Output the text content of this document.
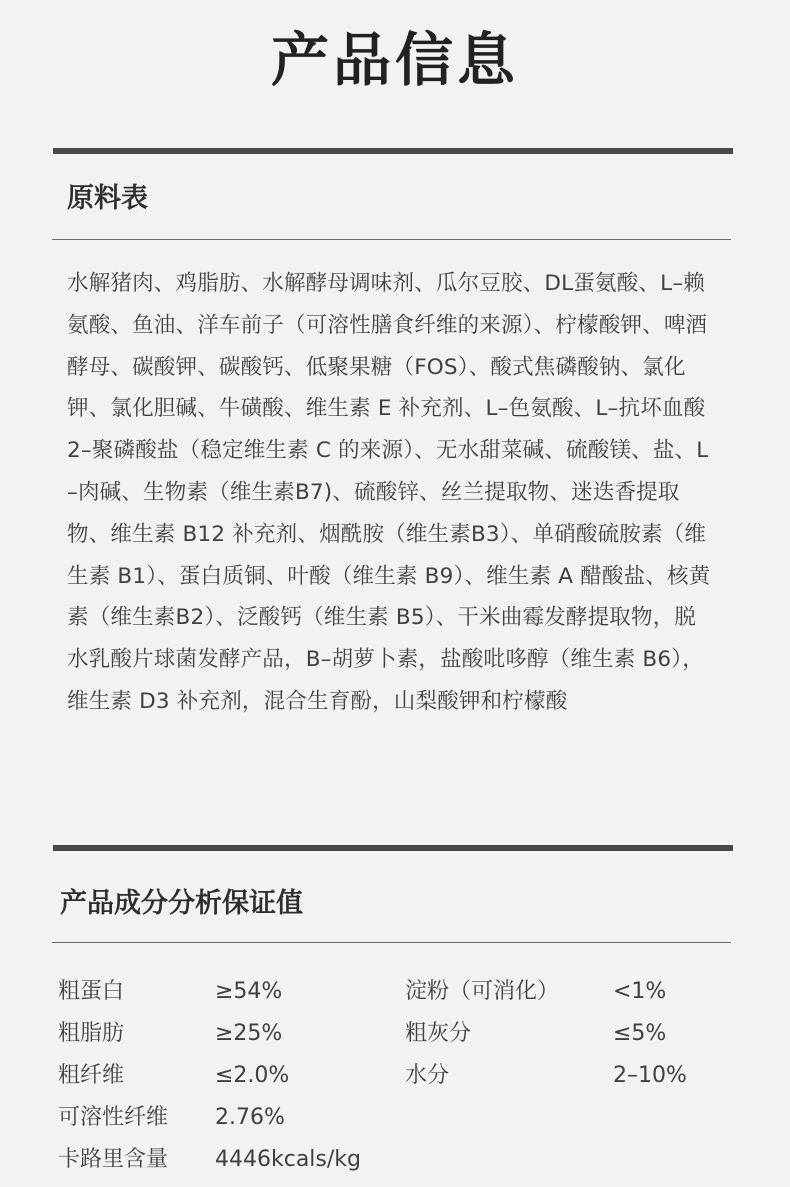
产品信息
原料表
水解猪肉、鸡脂肪、水解酵母调味剂、瓜尔豆胶、DL蛋氨酸、L–赖氨酸、鱼油、洋车前子（可溶性膳食纤维的来源）、柠檬酸钾、啤酒酵母、碳酸钾、碳酸钙、低聚果糖（FOS）、酸式焦磷酸钠、氯化钾、氯化胆碱、牛磺酸、维生素 E 补充剂、L–色氨酸、L–抗坏血酸 2–聚磷酸盐（稳定维生素 C 的来源）、无水甜菜碱、硫酸镁、盐、L–肉碱、生物素（维生素B7)、硫酸锌、丝兰提取物、迷迭香提取物、维生素 B12 补充剂、烟酰胺（维生素B3）、单硝酸硫胺素（维生素 B1）、蛋白质铜、叶酸（维生素 B9）、维生素 A 醋酸盐、核黄素（维生素B2）、泛酸钙（维生素 B5）、干米曲霉发酵提取物，脱水乳酸片球菌发酵产品，B–胡萝卜素，盐酸吡哆醇（维生素 B6），维生素 D3 补充剂，混合生育酚，山梨酸钾和柠檬酸
产品成分分析保证值
粗蛋白	≥54%	淀粉（可消化） <1%
粗脂肪	≥25%	粗灰分	≤5%
粗纤维	≤2.0%	水分	2–10%
可溶性纤维 2.76%
卡路里含量 4446kcals/kg
